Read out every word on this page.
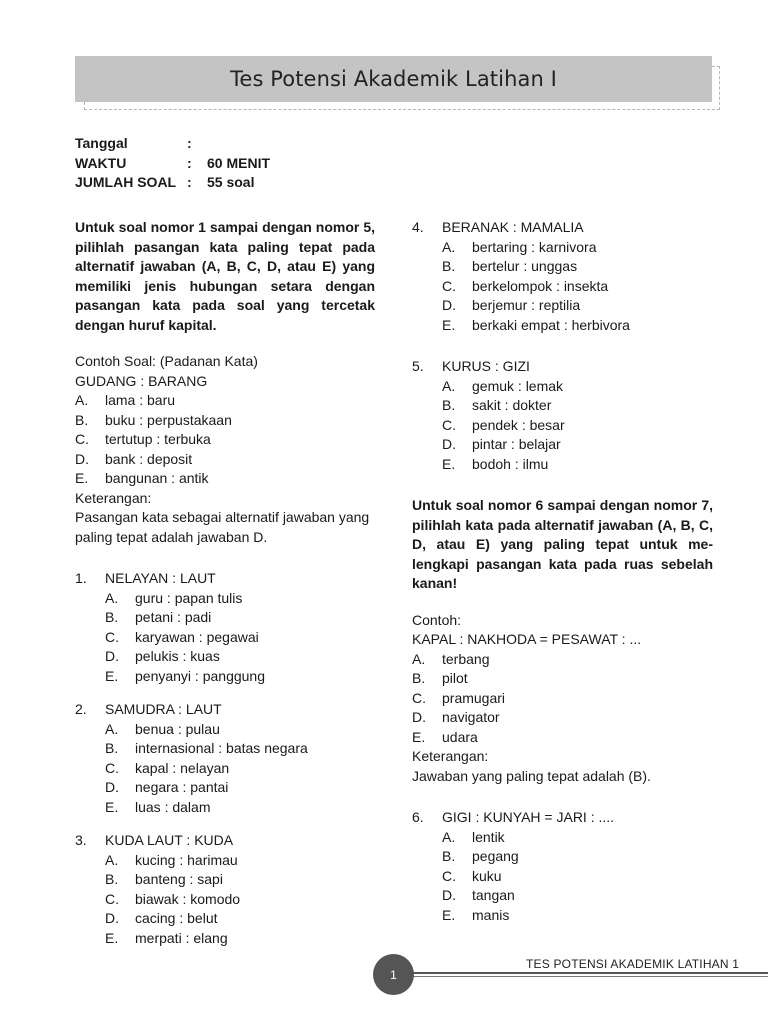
Tes Potensi Akademik Latihan I
Tanggal	:
WAKTU	:	60 MENIT
JUMLAH SOAL :	55 soal
Untuk soal nomor 1 sampai dengan nomor 5, pilihlah pasangan kata paling tepat pada alternatif jawaban (A, B, C, D, atau E) yang memiliki jenis hubungan setara dengan pasangan kata pada soal yang tercetak dengan huruf kapital.
Contoh Soal: (Padanan Kata)
GUDANG : BARANG
A.	lama : baru
B.	buku : perpustakaan
C.	tertutup : terbuka
D.	bank : deposit
E.	bangunan : antik
Keterangan:
Pasangan kata sebagai alternatif jawaban yang paling tepat adalah jawaban D.
1.	NELAYAN : LAUT
A.	guru : papan tulis
B.	petani : padi
C.	karyawan : pegawai
D.	pelukis : kuas
E.	penyanyi : panggung
2.	SAMUDRA : LAUT
A.	benua : pulau
B.	internasional : batas negara
C.	kapal : nelayan
D.	negara : pantai
E.	luas : dalam
3.	KUDA LAUT : KUDA
A.	kucing : harimau
B.	banteng : sapi
C.	biawak : komodo
D.	cacing : belut
E.	merpati : elang
4.	BERANAK : MAMALIA
A.	bertaring : karnivora
B.	bertelur : unggas
C.	berkelompok : insekta
D.	berjemur : reptilia
E.	berkaki empat : herbivora
5.	KURUS : GIZI
A.	gemuk : lemak
B.	sakit : dokter
C.	pendek : besar
D.	pintar : belajar
E.	bodoh : ilmu
Untuk soal nomor 6 sampai dengan nomor 7, pilihlah kata pada alternatif jawaban (A, B, C, D, atau E) yang paling tepat untuk me-lengkapi pasangan kata pada ruas sebelah kanan!
Contoh:
KAPAL : NAKHODA = PESAWAT : ...
A.	terbang
B.	pilot
C.	pramugari
D.	navigator
E.	udara
Keterangan:
Jawaban yang paling tepat adalah (B).
6.	GIGI : KUNYAH = JARI : ....
A.	lentik
B.	pegang
C.	kuku
D.	tangan
E.	manis
TES POTENSI AKADEMIK LATIHAN 1
1
